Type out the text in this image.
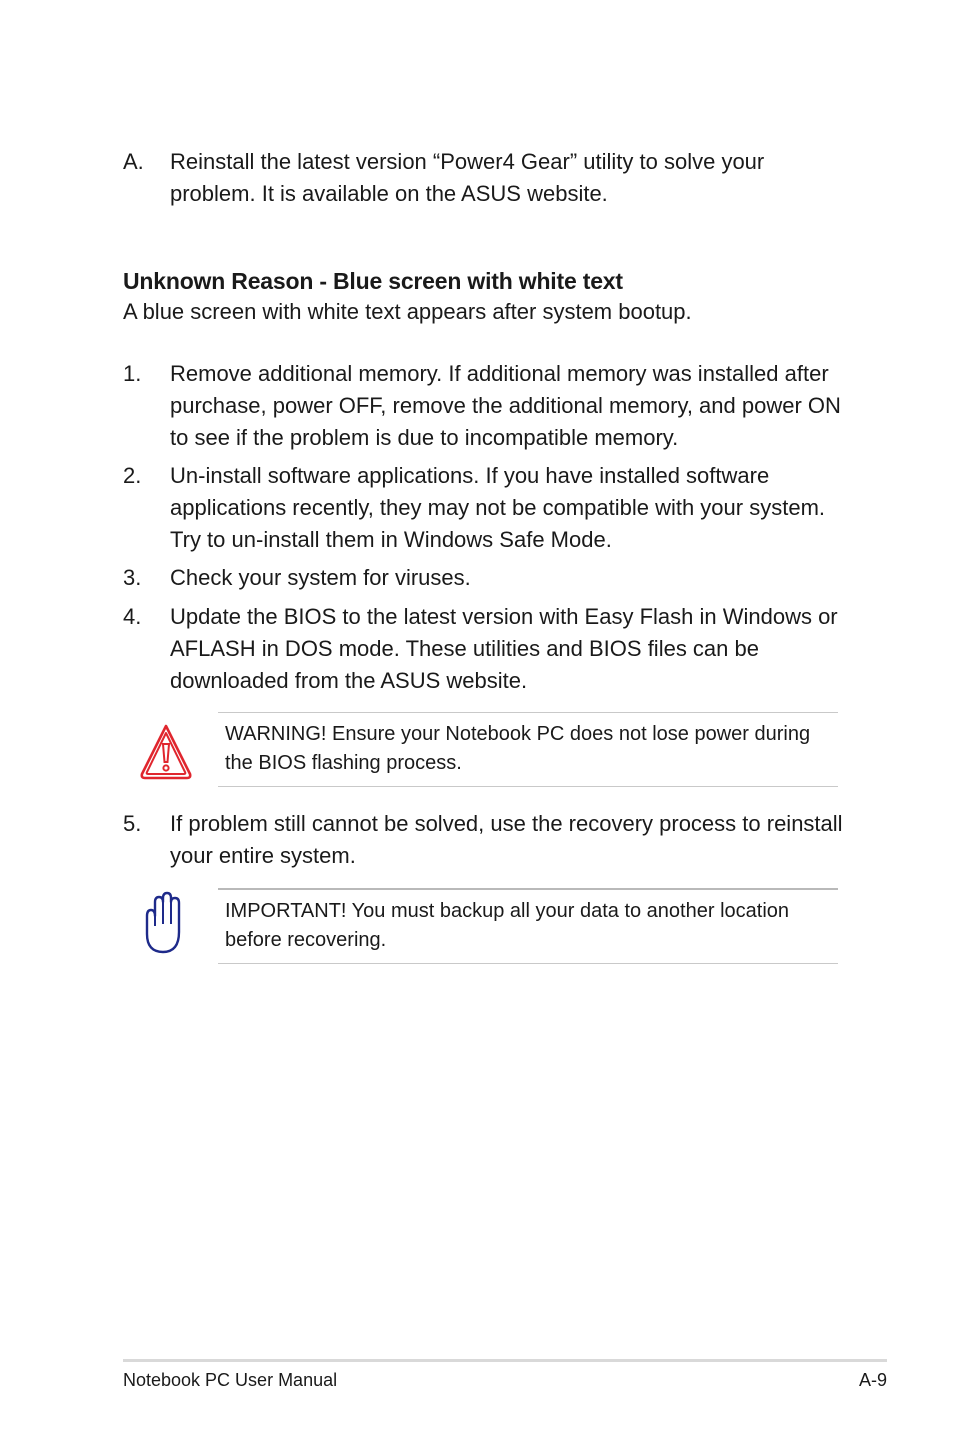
A. Reinstall the latest version “Power4 Gear” utility to solve your problem. It is available on the ASUS website.
Unknown Reason - Blue screen with white text
A blue screen with white text appears after system bootup.
1. Remove additional memory. If additional memory was installed after purchase, power OFF, remove the additional memory, and power ON to see if the problem is due to incompatible memory.
2. Un-install software applications. If you have installed software applications recently, they may not be compatible with your system. Try to un-install them in Windows Safe Mode.
3. Check your system for viruses.
4. Update the BIOS to the latest version with Easy Flash in Windows or AFLASH in DOS mode. These utilities and BIOS files can be downloaded from the ASUS website.
WARNING! Ensure your Notebook PC does not lose power during the BIOS flashing process.
5. If problem still cannot be solved, use the recovery process to reinstall your entire system.
IMPORTANT! You must backup all your data to another location before recovering.
Notebook PC User Manual	A-9
